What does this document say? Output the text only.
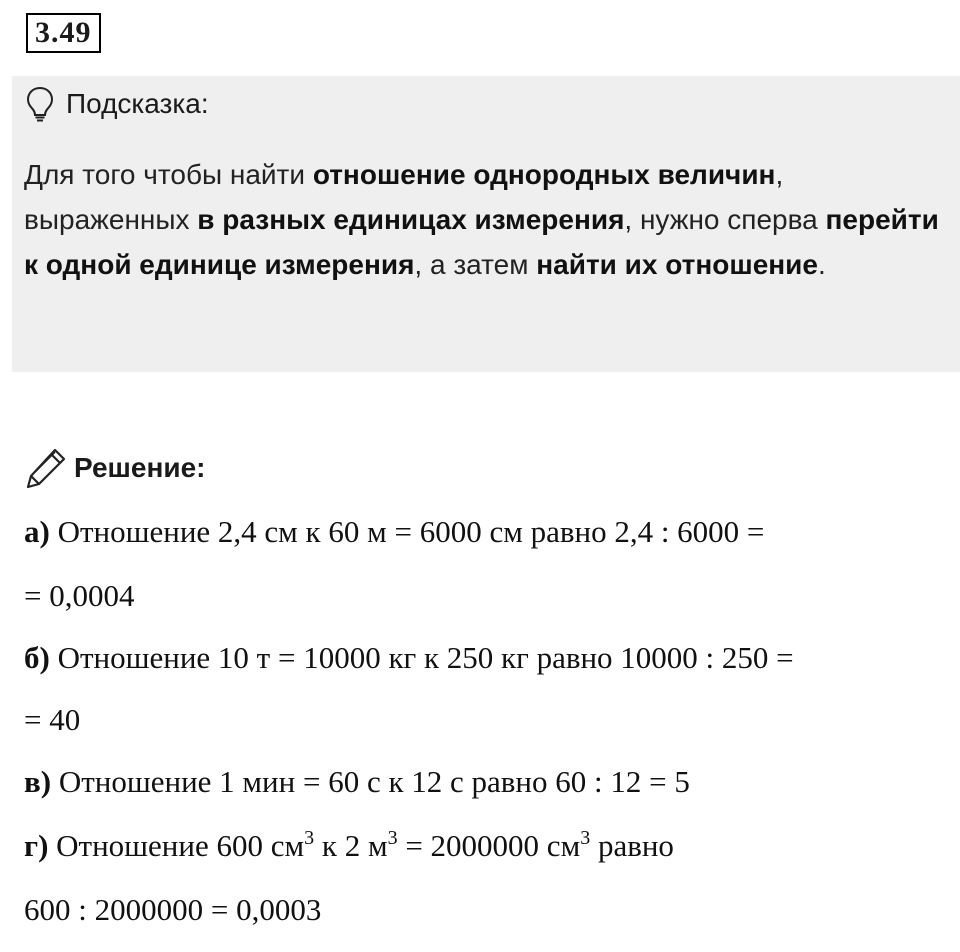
3.49
Подсказка:
Для того чтобы найти отношение однородных величин, выраженных в разных единицах измерения, нужно сперва перейти к одной единице измерения, а затем найти их отношение.
Решение:
а) Отношение 2,4 см к 60 м = 6000 см равно 2,4 : 6000 =
= 0,0004
б) Отношение 10 т = 10000 кг к 250 кг равно 10000 : 250 =
= 40
в) Отношение 1 мин = 60 с к 12 с равно 60 : 12 = 5
г) Отношение 600 $см^3$ к 2 $м^3 = 2000000$ $см^3$ равно
600 : 2000000 = 0,0003
